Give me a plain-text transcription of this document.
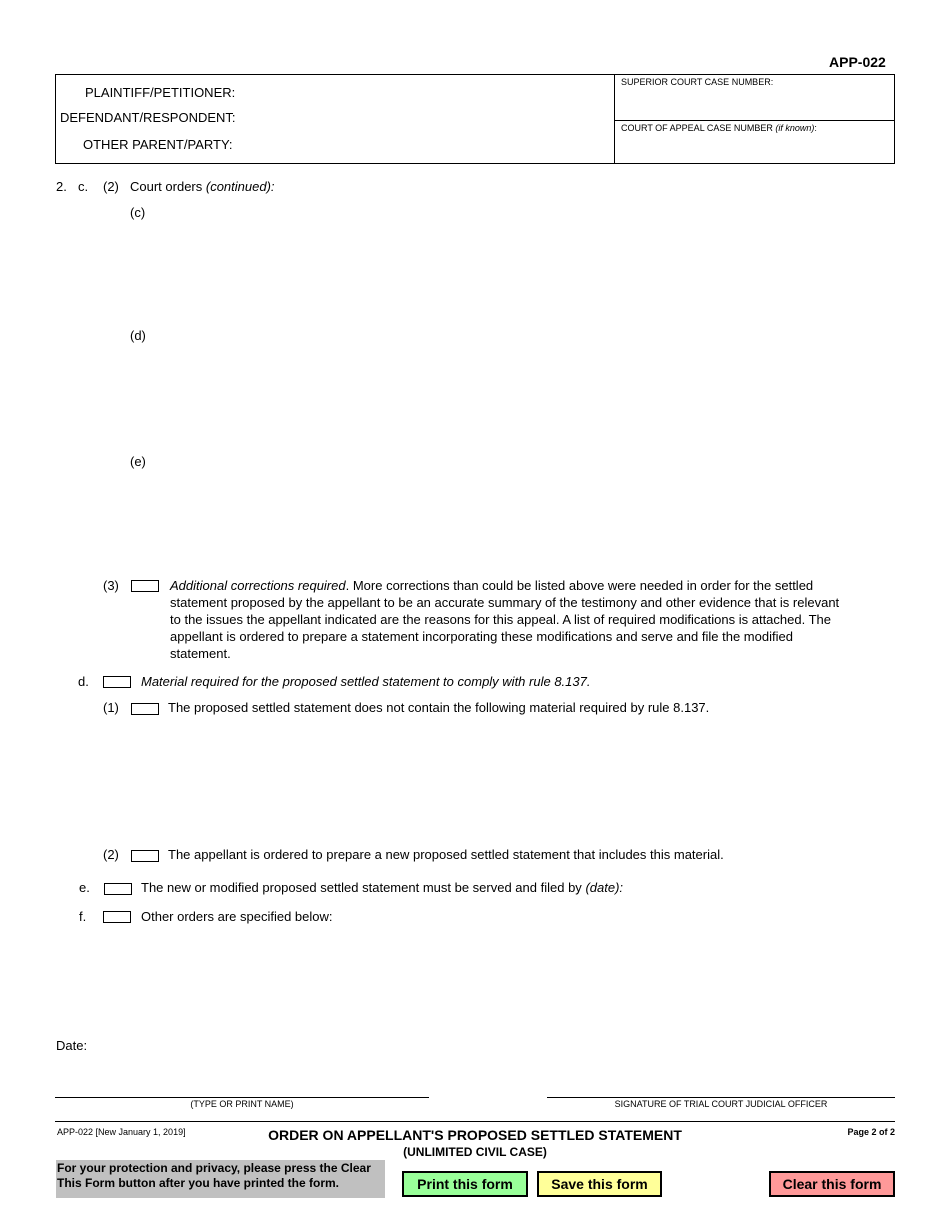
APP-022
PLAINTIFF/PETITIONER:
DEFENDANT/RESPONDENT:
OTHER PARENT/PARTY:
SUPERIOR COURT CASE NUMBER:
COURT OF APPEAL CASE NUMBER (if known):
2. c. (2) Court orders (continued):
(c)
(d)
(e)
(3)	Additional corrections required. More corrections than could be listed above were needed in order for the settled
statement proposed by the appellant to be an accurate summary of the testimony and other evidence that is relevant
to the issues the appellant indicated are the reasons for this appeal. A list of required modifications is attached. The
appellant is ordered to prepare a statement incorporating these modifications and serve and file the modified
statement.
d.	Material required for the proposed settled statement to comply with rule 8.137.
(1)	The proposed settled statement does not contain the following material required by rule 8.137.
(2)	The appellant is ordered to prepare a new proposed settled statement that includes this material.
e.	The new or modified proposed settled statement must be served and filed by (date):
f.	Other orders are specified below:
Date:
(TYPE OR PRINT NAME)	SIGNATURE OF TRIAL COURT JUDICIAL OFFICER
APP-022 [New January 1, 2019]	ORDER ON APPELLANT'S PROPOSED SETTLED STATEMENT
(UNLIMITED CIVIL CASE)
Page 2 of 2
For your protection and privacy, please press the Clear
This Form button after you have printed the form.	Print this form	Save this form	Clear this form
